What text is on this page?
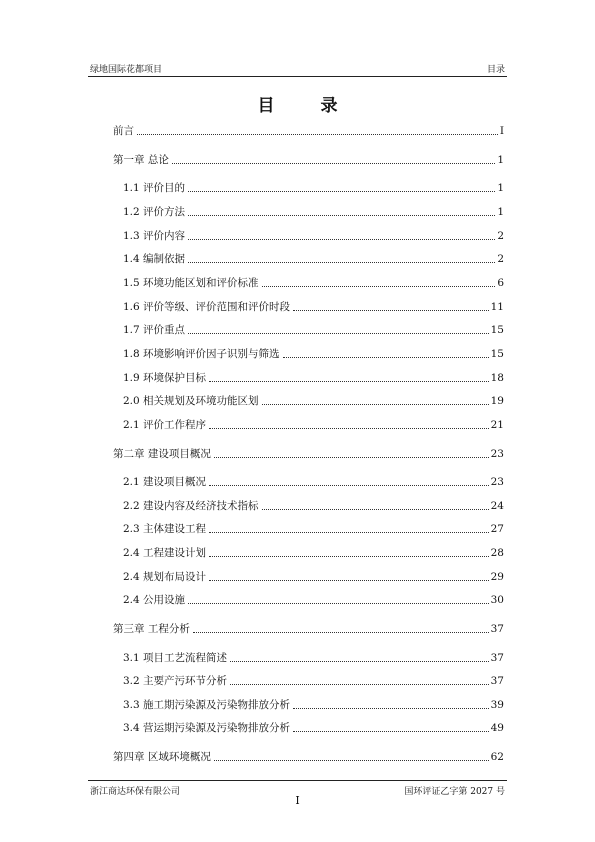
绿地国际花都项目	目录
目 录
前言	I
第一章 总论	1
1.1 评价目的	1
1.2 评价方法	1
1.3 评价内容	2
1.4 编制依据	2
1.5 环境功能区划和评价标准	6
1.6 评价等级、评价范围和评价时段	11
1.7 评价重点	15
1.8 环境影响评价因子识别与筛选	15
1.9 环境保护目标	18
2.0 相关规划及环境功能区划	19
2.1 评价工作程序	21
第二章 建设项目概况	23
2.1 建设项目概况	23
2.2 建设内容及经济技术指标	24
2.3 主体建设工程	27
2.4 工程建设计划	28
2.4 规划布局设计	29
2.4 公用设施	30
第三章 工程分析	37
3.1 项目工艺流程简述	37
3.2 主要产污环节分析	37
3.3 施工期污染源及污染物排放分析	39
3.4 营运期污染源及污染物排放分析	49
第四章 区域环境概况	62
浙江商达环保有限公司	国环评证乙字第 2027 号
I
